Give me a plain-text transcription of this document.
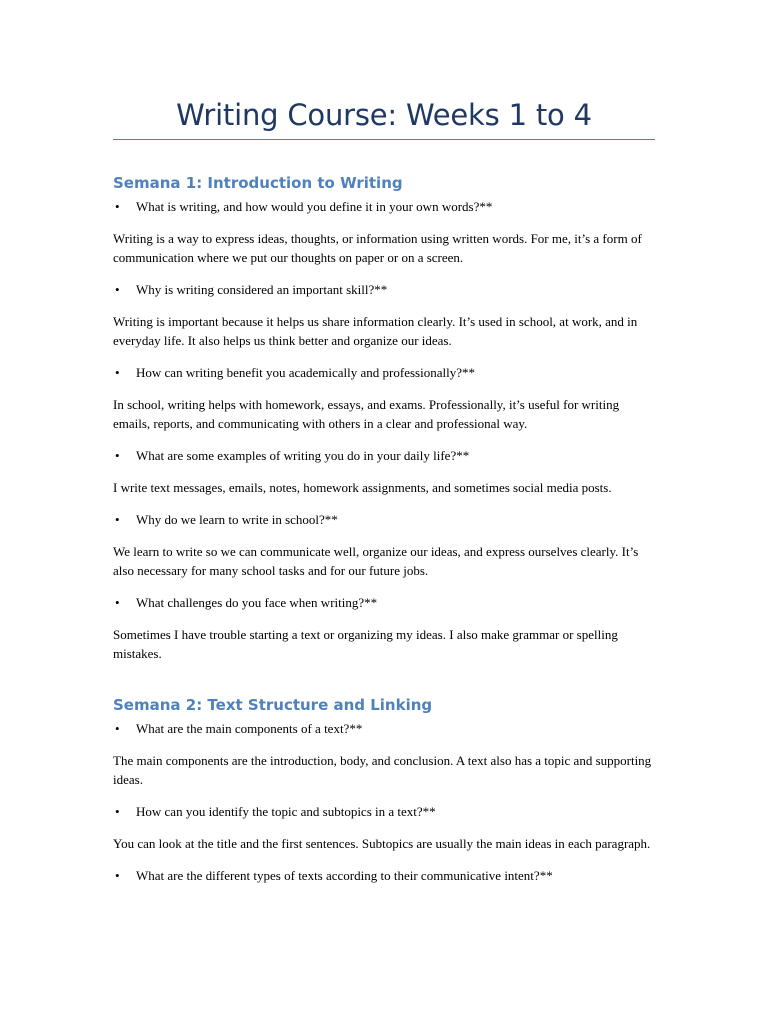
Writing Course: Weeks 1 to 4
Semana 1: Introduction to Writing

• What is writing, and how would you define it in your own words?**

Writing is a way to express ideas, thoughts, or information using written words. For me, it’s a form of communication where we put our thoughts on paper or on a screen.

• Why is writing considered an important skill?**

Writing is important because it helps us share information clearly. It’s used in school, at work, and in everyday life. It also helps us think better and organize our ideas.

• How can writing benefit you academically and professionally?**

In school, writing helps with homework, essays, and exams. Professionally, it’s useful for writing emails, reports, and communicating with others in a clear and professional way.

• What are some examples of writing you do in your daily life?**

I write text messages, emails, notes, homework assignments, and sometimes social media posts.

• Why do we learn to write in school?**

We learn to write so we can communicate well, organize our ideas, and express ourselves clearly. It’s also necessary for many school tasks and for our future jobs.

• What challenges do you face when writing?**

Sometimes I have trouble starting a text or organizing my ideas. I also make grammar or spelling mistakes.

Semana 2: Text Structure and Linking

• What are the main components of a text?**

The main components are the introduction, body, and conclusion. A text also has a topic and supporting ideas.

• How can you identify the topic and subtopics in a text?**

You can look at the title and the first sentences. Subtopics are usually the main ideas in each paragraph.

• What are the different types of texts according to their communicative intent?**
